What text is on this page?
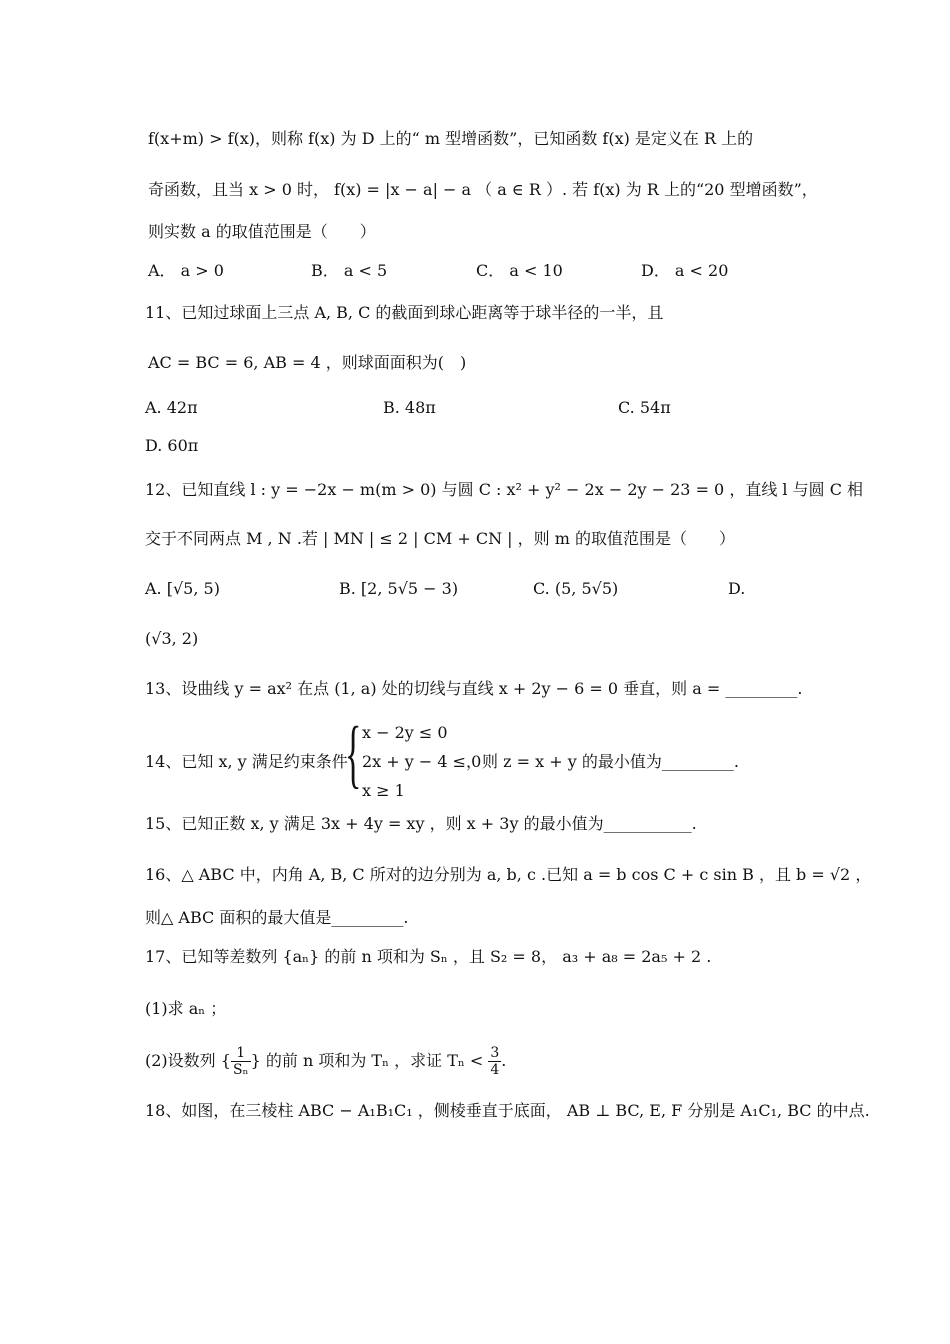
f(x+m) > f(x)，则称 f(x) 为 D 上的“ m 型增函数”，已知函数 f(x) 是定义在 R 上的
奇函数，且当 x > 0 时， f(x) = |x − a| − a （ a ∈ R ）. 若 f(x) 为 R 上的“20 型增函数”，
则实数 a 的取值范围是（　　）
A． a > 0	B． a < 5	C． a < 10	D． a < 20
11、已知过球面上三点 A, B, C 的截面到球心距离等于球半径的一半，且
AC = BC = 6, AB = 4 ，则球面面积为(　)
A. 42π	B. 48π	C. 54π
D. 60π
12、已知直线 l : y = −2x − m(m > 0) 与圆 C : x² + y² − 2x − 2y − 23 = 0 ，直线 l 与圆 C 相
交于不同两点 M , N .若 | MN | ≤ 2 | CM + CN | ，则 m 的取值范围是（　　）
A. [√5, 5)	B. [2, 5√5 − 3)	C. (5, 5√5)	D.
(√3, 2)
13、设曲线 y = ax² 在点 (1, a) 处的切线与直线 x + 2y − 6 = 0 垂直，则 a = _________.
14、已知 x, y 满足约束条件
{ x − 2y ≤ 0
2x + y − 4 ≤ 0
x ≥ 1
，则 z = x + y 的最小值为_________.
15、已知正数 x, y 满足 3x + 4y = xy ，则 x + 3y 的最小值为___________.
16、△ ABC 中，内角 A, B, C 所对的边分别为 a, b, c .已知 a = b cos C + c sin B ，且 b = √2 ，
则△ ABC 面积的最大值是_________.
17、已知等差数列 {aₙ} 的前 n 项和为 Sₙ ，且 S₂ = 8， a₃ + a₈ = 2a₅ + 2 .
(1)求 aₙ ；
(2)设数列 { $\frac{1}{\text{Sₙ}}$ } 的前 n 项和为 Tₙ ，求证 $T_n < \frac{3}{4}$ .
18、如图，在三棱柱 ABC − A₁B₁C₁ ，侧棱垂直于底面， AB ⊥ BC, E, F 分别是 A₁C₁, BC 的中点.
